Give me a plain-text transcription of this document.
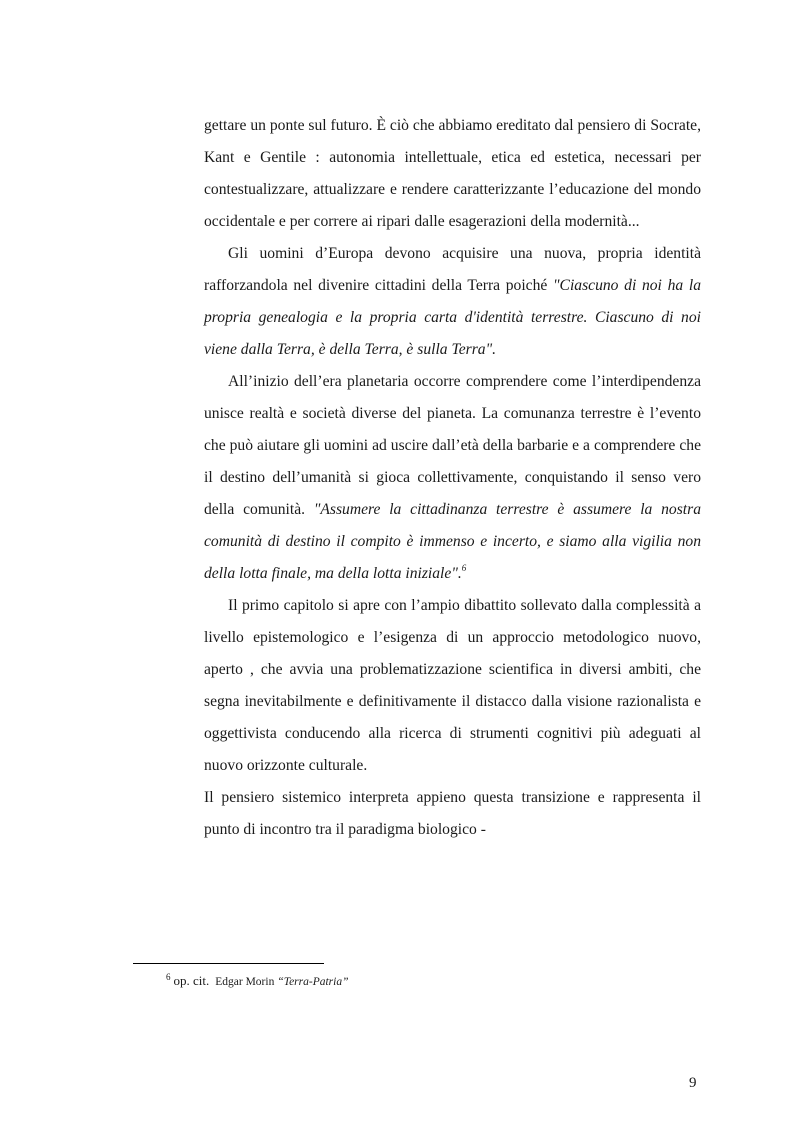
gettare un ponte sul futuro. È ciò che abbiamo ereditato dal pensiero di Socrate, Kant e Gentile : autonomia intellettuale, etica ed estetica, necessari per contestualizzare, attualizzare e rendere caratterizzante l’educazione del mondo occidentale e per correre ai ripari dalle esagerazioni della modernità...

Gli uomini d’Europa devono acquisire una nuova, propria identità rafforzandola nel divenire cittadini della Terra poiché "Ciascuno di noi ha la propria genealogia e la propria carta d'identità terrestre. Ciascuno di noi viene dalla Terra, è della Terra, è sulla Terra".

All’inizio dell’era planetaria occorre comprendere come l’interdipendenza unisce realtà e società diverse del pianeta. La comunanza terrestre è l’evento che può aiutare gli uomini ad uscire dall’età della barbarie e a comprendere che il destino dell’umanità si gioca collettivamente, conquistando il senso vero della comunità. "Assumere la cittadinanza terrestre è assumere la nostra comunità di destino il compito è immenso e incerto, e siamo alla vigilia non della lotta finale, ma della lotta iniziale".$^6$

Il primo capitolo si apre con l’ampio dibattito sollevato dalla complessità a livello epistemologico e l’esigenza di un approccio metodologico nuovo, aperto , che avvia una problematizzazione scientifica in diversi ambiti, che segna inevitabilmente e definitivamente il distacco dalla visione razionalista e oggettivista conducendo alla ricerca di strumenti cognitivi più adeguati al nuovo orizzonte culturale.

Il pensiero sistemico interpreta appieno questa transizione e rappresenta il punto di incontro tra il paradigma biologico -

$^6$ op. cit. Edgar Morin “Terra-Patria”
9
